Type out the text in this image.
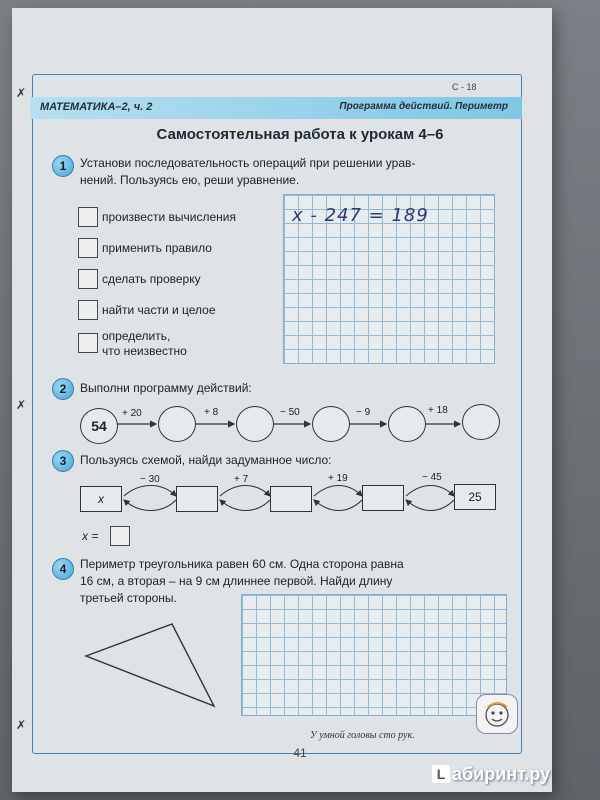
✗
✗
✗
С - 18
МАТЕМАТИКА–2, ч. 2	Программа действий. Периметр
Самостоятельная работа к урокам 4–6
1	Установи последовательность операций при решении урав-
нений. Пользуясь ею, реши уравнение.
произвести вычисления
применить правило
сделать проверку
найти части и целое
определить,
что неизвестно
x - 247 = 189
2	Выполни программу действий:
54
+ 20	+ 8	− 50	− 9	+ 18
3	Пользуясь схемой, найди задуманное число:
x	25
− 30	+ 7	+ 19	− 45
x =
4	Периметр треугольника равен 60 см. Одна сторона равна
16 см, а вторая – на 9 см длиннее первой. Найди длину
третьей стороны.
У умной головы сто рук.
41
L абиринт.ру
